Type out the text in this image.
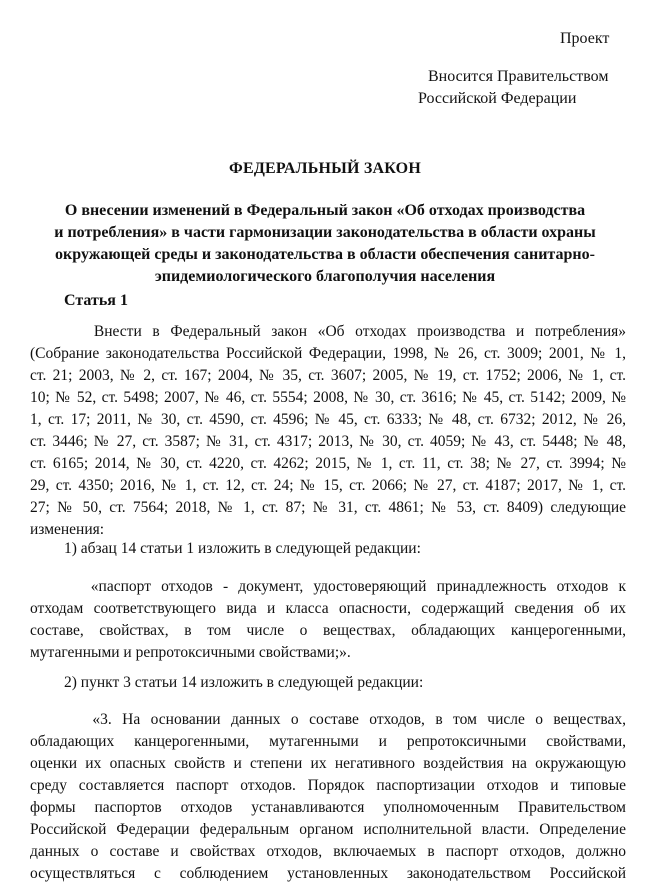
Проект
Вносится Правительством
Российской Федерации
ФЕДЕРАЛЬНЫЙ ЗАКОН
О внесении изменений в Федеральный закон «Об отходах производства
и потребления» в части гармонизации законодательства в области охраны
окружающей среды и законодательства в области обеспечения санитарно-
эпидемиологического благополучия населения
Статья 1
Внести в Федеральный закон «Об отходах производства и потребления»
(Собрание законодательства Российской Федерации, 1998, № 26, ст. 3009; 2001, № 1,
ст. 21; 2003, № 2, ст. 167; 2004, № 35, ст. 3607; 2005, № 19, ст. 1752; 2006, № 1, ст.
10; № 52, ст. 5498; 2007, № 46, ст. 5554; 2008, № 30, ст. 3616; № 45, ст. 5142; 2009, №
1, ст. 17; 2011, № 30, ст. 4590, ст. 4596; № 45, ст. 6333; № 48, ст. 6732; 2012, № 26,
ст. 3446; № 27, ст. 3587; № 31, ст. 4317; 2013, № 30, ст. 4059; № 43, ст. 5448; № 48,
ст. 6165; 2014, № 30, ст. 4220, ст. 4262; 2015, № 1, ст. 11, ст. 38; № 27, ст. 3994; №
29, ст. 4350; 2016, № 1, ст. 12, ст. 24; № 15, ст. 2066; № 27, ст. 4187; 2017, № 1, ст.
27; № 50, ст. 7564; 2018, № 1, ст. 87; № 31, ст. 4861; № 53, ст. 8409) следующие
изменения:
1) абзац 14 статьи 1 изложить в следующей редакции:
«паспорт отходов - документ, удостоверяющий принадлежность отходов к
отходам соответствующего вида и класса опасности, содержащий сведения об их
составе, свойствах, в том числе о веществах, обладающих канцерогенными,
мутагенными и репротоксичными свойствами;».
2) пункт 3 статьи 14 изложить в следующей редакции:
«3. На основании данных о составе отходов, в том числе о веществах,
обладающих канцерогенными, мутагенными и репротоксичными свойствами,
оценки их опасных свойств и степени их негативного воздействия на окружающую
среду составляется паспорт отходов. Порядок паспортизации отходов и типовые
формы паспортов отходов устанавливаются уполномоченным Правительством
Российской Федерации федеральным органом исполнительной власти. Определение
данных о составе и свойствах отходов, включаемых в паспорт отходов, должно
осуществляться с соблюдением установленных законодательством Российской
